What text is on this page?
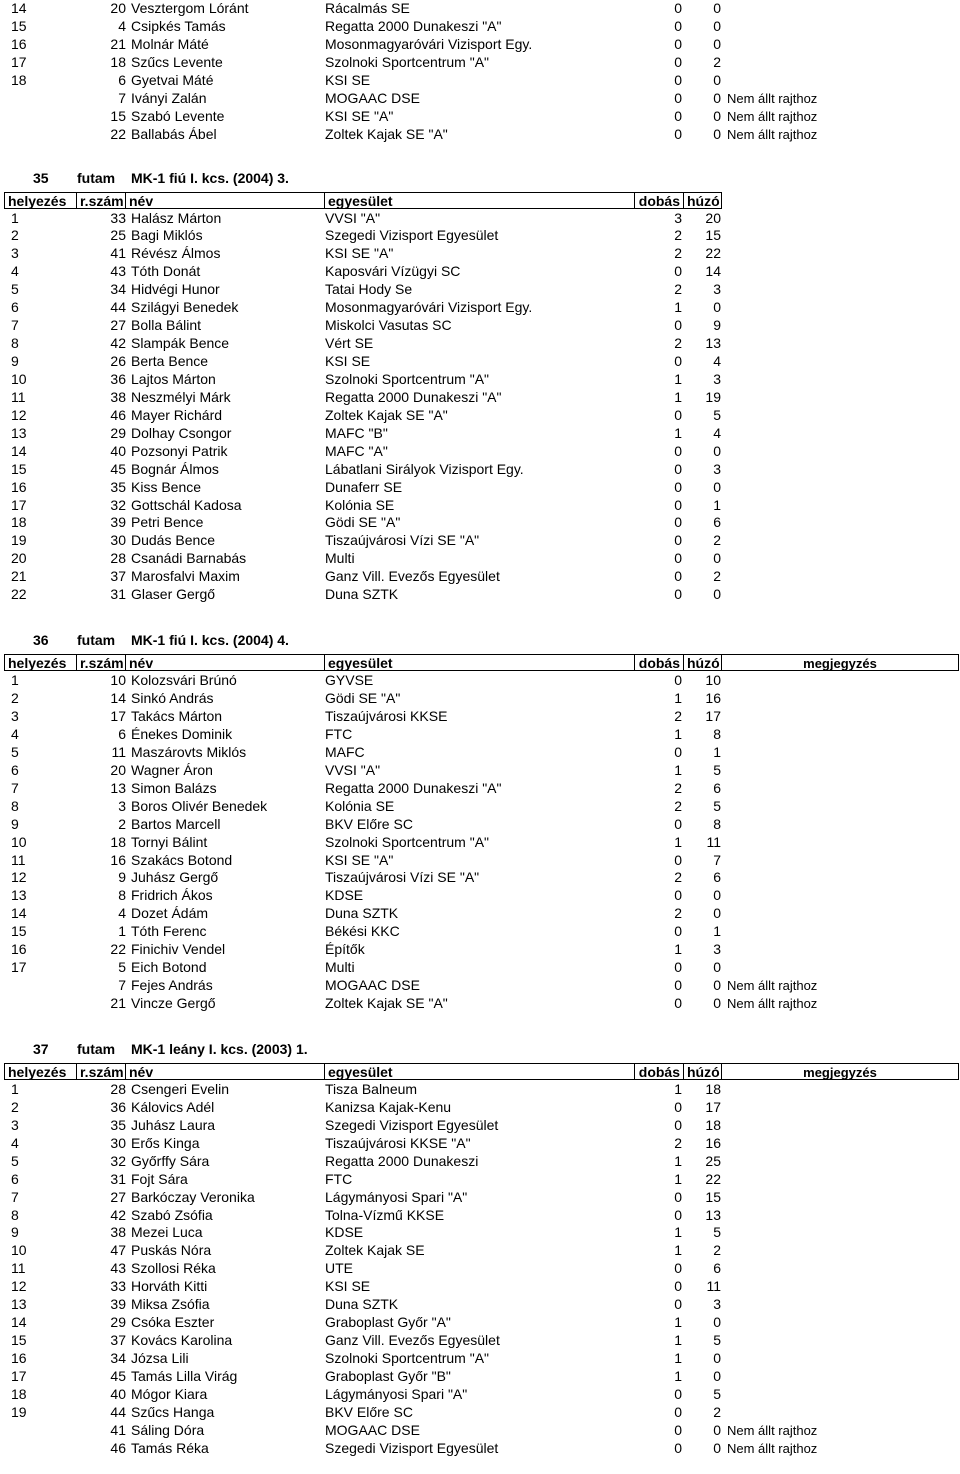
14	20 Vesztergom Lóránt	Rácalmás SE	0	0
15	4 Csipkés Tamás	Regatta 2000 Dunakeszi "A"	0	0
16	21 Molnár Máté	Mosonmagyaróvári Vizisport Egy.	0	0
17	18 Szűcs Levente	Szolnoki Sportcentrum "A"	0	2
18	6 Gyetvai Máté	KSI SE	0	0
7 Iványi Zalán	MOGAAC DSE	0	0 Nem állt rajthoz
15 Szabó Levente	KSI SE "A"	0	0 Nem állt rajthoz
22 Ballabás Ábel	Zoltek Kajak SE "A"	0	0 Nem állt rajthoz
35 futam MK-1 fiú I. kcs. (2004) 3.
helyezés r.szám név	egyesület	dobás húzó
1	33 Halász Márton	VVSI "A"	3	20
2	25 Bagi Miklós	Szegedi Vizisport Egyesület	2	15
3	41 Révész Álmos	KSI SE "A"	2	22
4	43 Tóth Donát	Kaposvári Vízügyi SC	0	14
5	34 Hidvégi Hunor	Tatai Hody Se	2	3
6	44 Szilágyi Benedek	Mosonmagyaróvári Vizisport Egy.	1	0
7	27 Bolla Bálint	Miskolci Vasutas SC	0	9
8	42 Slampák Bence	Vért SE	2	13
9	26 Berta Bence	KSI SE	0	4
10	36 Lajtos Márton	Szolnoki Sportcentrum "A"	1	3
11	38 Neszmélyi Márk	Regatta 2000 Dunakeszi "A"	1	19
12	46 Mayer Richárd	Zoltek Kajak SE "A"	0	5
13	29 Dolhay Csongor	MAFC "B"	1	4
14	40 Pozsonyi Patrik	MAFC "A"	0	0
15	45 Bognár Álmos	Lábatlani Sirályok Vizisport Egy.	0	3
16	35 Kiss Bence	Dunaferr SE	0	0
17	32 Gottschál Kadosa	Kolónia SE	0	1
18	39 Petri Bence	Gödi SE "A"	0	6
19	30 Dudás Bence	Tiszaújvárosi Vízi SE "A"	0	2
20	28 Csanádi Barnabás	Multi	0	0
21	37 Marosfalvi Maxim	Ganz Vill. Evezős Egyesület	0	2
22	31 Glaser Gergő	Duna SZTK	0	0
36 futam MK-1 fiú I. kcs. (2004) 4.
helyezés r.szám név	egyesület	dobás húzó	megjegyzés
1	10 Kolozsvári Brúnó	GYVSE	0	10
2	14 Sinkó András	Gödi SE "A"	1	16
3	17 Takács Márton	Tiszaújvárosi KKSE	2	17
4	6 Énekes Dominik	FTC	1	8
5	11 Maszárovts Miklós	MAFC	0	1
6	20 Wagner Áron	VVSI "A"	1	5
7	13 Simon Balázs	Regatta 2000 Dunakeszi "A"	2	6
8	3 Boros Olivér Benedek	Kolónia SE	2	5
9	2 Bartos Marcell	BKV Előre SC	0	8
10	18 Tornyi Bálint	Szolnoki Sportcentrum "A"	1	11
11	16 Szakács Botond	KSI SE "A"	0	7
12	9 Juhász Gergő	Tiszaújvárosi Vízi SE "A"	2	6
13	8 Fridrich Ákos	KDSE	0	0
14	4 Dozet Ádám	Duna SZTK	2	0
15	1 Tóth Ferenc	Békési KKC	0	1
16	22 Finichiv Vendel	Építők	1	3
17	5 Eich Botond	Multi	0	0
7 Fejes András	MOGAAC DSE	0	0 Nem állt rajthoz
21 Vincze Gergő	Zoltek Kajak SE "A"	0	0 Nem állt rajthoz
37 futam MK-1 leány I. kcs. (2003) 1.
helyezés r.szám név	egyesület	dobás húzó	megjegyzés
1	28 Csengeri Evelin	Tisza Balneum	1	18
2	36 Kálovics Adél	Kanizsa Kajak-Kenu	0	17
3	35 Juhász Laura	Szegedi Vizisport Egyesület	0	18
4	30 Erős Kinga	Tiszaújvárosi KKSE "A"	2	16
5	32 Győrffy Sára	Regatta 2000 Dunakeszi	1	25
6	31 Fojt Sára	FTC	1	22
7	27 Barkóczay Veronika	Lágymányosi Spari "A"	0	15
8	42 Szabó Zsófia	Tolna-Vízmű KKSE	0	13
9	38 Mezei Luca	KDSE	1	5
10	47 Puskás Nóra	Zoltek Kajak SE	1	2
11	43 Szollosi Réka	UTE	0	6
12	33 Horváth Kitti	KSI SE	0	11
13	39 Miksa Zsófia	Duna SZTK	0	3
14	29 Csóka Eszter	Graboplast Győr "A"	1	0
15	37 Kovács Karolina	Ganz Vill. Evezős Egyesület	1	5
16	34 Józsa Lili	Szolnoki Sportcentrum "A"	1	0
17	45 Tamás Lilla Virág	Graboplast Győr "B"	1	0
18	40 Mógor Kiara	Lágymányosi Spari "A"	0	5
19	44 Szűcs Hanga	BKV Előre SC	0	2
41 Sáling Dóra	MOGAAC DSE	0	0 Nem állt rajthoz
46 Tamás Réka	Szegedi Vizisport Egyesület	0	0 Nem állt rajthoz
